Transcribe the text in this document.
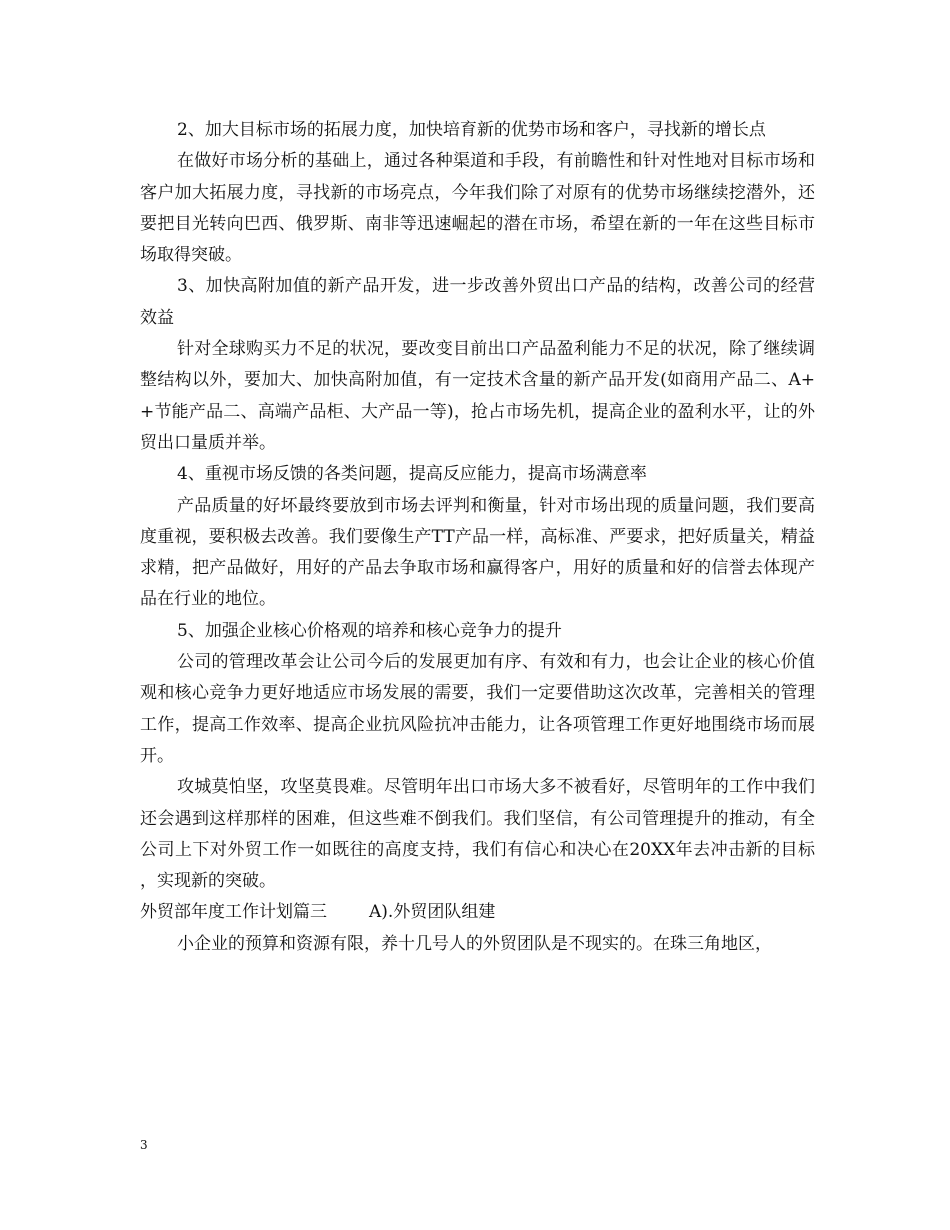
2、加大目标市场的拓展力度，加快培育新的优势市场和客户，寻找新的增长点

在做好市场分析的基础上，通过各种渠道和手段，有前瞻性和针对性地对目标市场和客户加大拓展力度，寻找新的市场亮点，今年我们除了对原有的优势市场继续挖潜外，还要把目光转向巴西、俄罗斯、南非等迅速崛起的潜在市场，希望在新的一年在这些目标市场取得突破。

3、加快高附加值的新产品开发，进一步改善外贸出口产品的结构，改善公司的经营效益

针对全球购买力不足的状况，要改变目前出口产品盈利能力不足的状况，除了继续调整结构以外，要加大、加快高附加值，有一定技术含量的新产品开发(如商用产品二、A++节能产品二、高端产品柜、大产品一等)，抢占市场先机，提高企业的盈利水平，让的外贸出口量质并举。

4、重视市场反馈的各类问题，提高反应能力，提高市场满意率

产品质量的好坏最终要放到市场去评判和衡量，针对市场出现的质量问题，我们要高度重视，要积极去改善。我们要像生产TT产品一样，高标准、严要求，把好质量关，精益求精，把产品做好，用好的产品去争取市场和赢得客户，用好的质量和好的信誉去体现产品在行业的地位。

5、加强企业核心价格观的培养和核心竞争力的提升

公司的管理改革会让公司今后的发展更加有序、有效和有力，也会让企业的核心价值观和核心竞争力更好地适应市场发展的需要，我们一定要借助这次改革，完善相关的管理工作，提高工作效率、提高企业抗风险抗冲击能力，让各项管理工作更好地围绕市场而展开。

攻城莫怕坚，攻坚莫畏难。尽管明年出口市场大多不被看好，尽管明年的工作中我们还会遇到这样那样的困难，但这些难不倒我们。我们坚信，有公司管理提升的推动，有全公司上下对外贸工作一如既往的高度支持，我们有信心和决心在20XX年去冲击新的目标 ，实现新的突破。

外贸部年度工作计划篇三 A).外贸团队组建

小企业的预算和资源有限，养十几号人的外贸团队是不现实的。在珠三角地区，

3
